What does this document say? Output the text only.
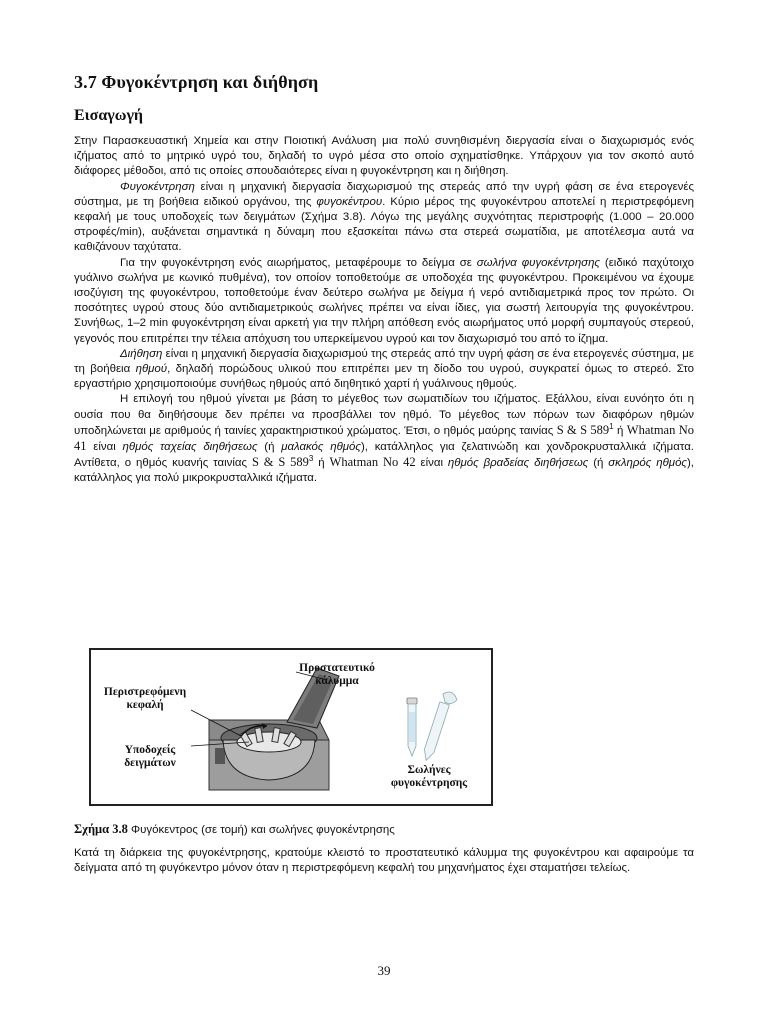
3.7 Φυγοκέντρηση και διήθηση
Εισαγωγή

Στην Παρασκευαστική Χημεία και στην Ποιοτική Ανάλυση μια πολύ συνηθισμένη διεργασία είναι ο διαχωρισμός ενός ιζήματος από το μητρικό υγρό του, δηλαδή το υγρό μέσα στο οποίο σχηματίσθηκε. Υπάρχουν για τον σκοπό αυτό διάφορες μέθοδοι, από τις οποίες σπουδαιότερες είναι η φυγοκέντρηση και η διήθηση.

Φυγοκέντρηση είναι η μηχανική διεργασία διαχωρισμού της στερεάς από την υγρή φάση σε ένα ετερογενές σύστημα, με τη βοήθεια ειδικού οργάνου, της φυγοκέντρου. Κύριο μέρος της φυγοκέντρου αποτελεί η περιστρεφόμενη κεφαλή με τους υποδοχείς των δειγμάτων (Σχήμα 3.8). Λόγω της μεγάλης συχνότητας περιστροφής (1.000 – 20.000 στροφές/min), αυξάνεται σημαντικά η δύναμη που εξασκείται πάνω στα στερεά σωματίδια, με αποτέλεσμα αυτά να καθιζάνουν ταχύτατα.

Για την φυγοκέντρηση ενός αιωρήματος, μεταφέρουμε το δείγμα σε σωλήνα φυγοκέντρησης (ειδικό παχύτοιχο γυάλινο σωλήνα με κωνικό πυθμένα), τον οποίον τοποθετούμε σε υποδοχέα της φυγοκέντρου. Προκειμένου να έχουμε ισοζύγιση της φυγοκέντρου, τοποθετούμε έναν δεύτερο σωλήνα με δείγμα ή νερό αντιδιαμετρικά προς τον πρώτο. Οι ποσότητες υγρού στους δύο αντιδιαμετρικούς σωλήνες πρέπει να είναι ίδιες, για σωστή λειτουργία της φυγοκέντρου. Συνήθως, 1–2 min φυγοκέντρηση είναι αρκετή για την πλήρη απόθεση ενός αιωρήματος υπό μορφή συμπαγούς στερεού, γεγονός που επιτρέπει την τέλεια απόχυση του υπερκείμενου υγρού και τον διαχωρισμό του από το ίζημα.

Διήθηση είναι η μηχανική διεργασία διαχωρισμού της στερεάς από την υγρή φάση σε ένα ετερογενές σύστημα, με τη βοήθεια ηθμού, δηλαδή πορώδους υλικού που επιτρέπει μεν τη δίοδο του υγρού, συγκρατεί όμως το στερεό. Στο εργαστήριο χρησιμοποιούμε συνήθως ηθμούς από διηθητικό χαρτί ή γυάλινους ηθμούς.

Η επιλογή του ηθμού γίνεται με βάση το μέγεθος των σωματιδίων του ιζήματος. Εξάλλου, είναι ευνόητο ότι η ουσία που θα διηθήσουμε δεν πρέπει να προσβάλλει τον ηθμό. Το μέγεθος των πόρων των διαφόρων ηθμών υποδηλώνεται με αριθμούς ή ταινίες χαρακτηριστικού χρώματος. Έτσι, ο ηθμός μαύρης ταινίας S & S $589^1$ ή Whatman No 41 είναι ηθμός ταχείας διηθήσεως (ή μαλακός ηθμός), κατάλληλος για ζελατινώδη και χονδροκρυσταλλικά ιζήματα. Αντίθετα, ο ηθμός κυανής ταινίας S & S $589^3$ ή Whatman No 42 είναι ηθμός βραδείας διηθήσεως (ή σκληρός ηθμός), κατάλληλος για πολύ μικροκρυσταλλικά ιζήματα.

Προστατευτικό
κάλυμμα
Περιστρεφόμενη
κεφαλή
Υποδοχείς
δειγμάτων
Σωλήνες
φυγοκέντρησης
Σχήμα 3.8 Φυγόκεντρος (σε τομή) και σωλήνες φυγοκέντρησης

Κατά τη διάρκεια της φυγοκέντρησης, κρατούμε κλειστό το προστατευτικό κάλυμμα της φυγοκέντρου και αφαιρούμε τα δείγματα από τη φυγόκεντρο μόνον όταν η περιστρεφόμενη κεφαλή του μηχανήματος έχει σταματήσει τελείως.

39
